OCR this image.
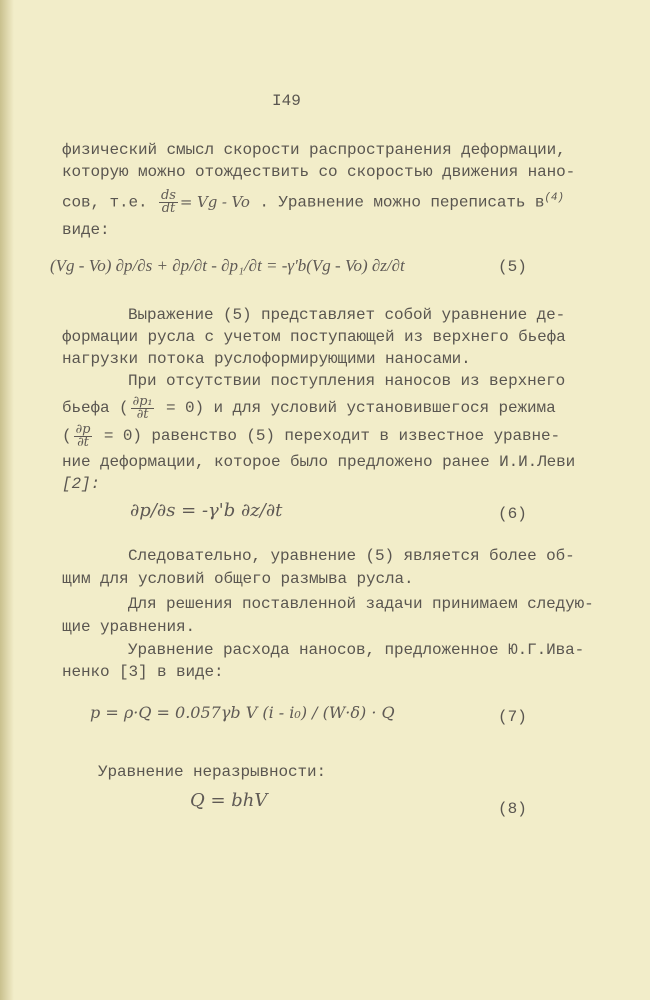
I49
физический смысл скорости распространения деформации,
которую можно отождествить со скоростью движения нано-
сов, т.е. $\frac{ds}{dt} = Vg - Vo$ . Уравнение можно переписать $в^{(4)}$
виде:
(Vg - Vo) ∂p/∂s + ∂p/∂t - ∂p₁/∂t = -γ'b(Vg - Vo) ∂z/∂t	(5)
Выражение (5) представляет собой уравнение де-
формации русла с учетом поступающей из верхнего бьефа
нагрузки потока руслоформирующими наносами.
При отсутствии поступления наносов из верхнего
бьефа ( $\frac{\text{∂p₁}}{\partial t} = 0$) и для условий установившегося режима
( $\frac{\partial p}{\partial t} = 0$) равенство (5) переходит в известное уравне-
ние деформации, которое было предложено ранее И.И.Леви
[2]:
∂p/∂s = -γ'b ∂z/∂t	(6)
Следовательно, уравнение (5) является более об-
щим для условий общего размыва русла.
Для решения поставленной задачи принимаем следую-
щие уравнения.
Уравнение расхода наносов, предложенное Ю.Г.Ива-
ненко [3] в виде:
p = ρ·Q = 0.057γb V (i - i₀) / (W·δ) · Q	(7)
Уравнение неразрывности:
Q = bhV	(8)
